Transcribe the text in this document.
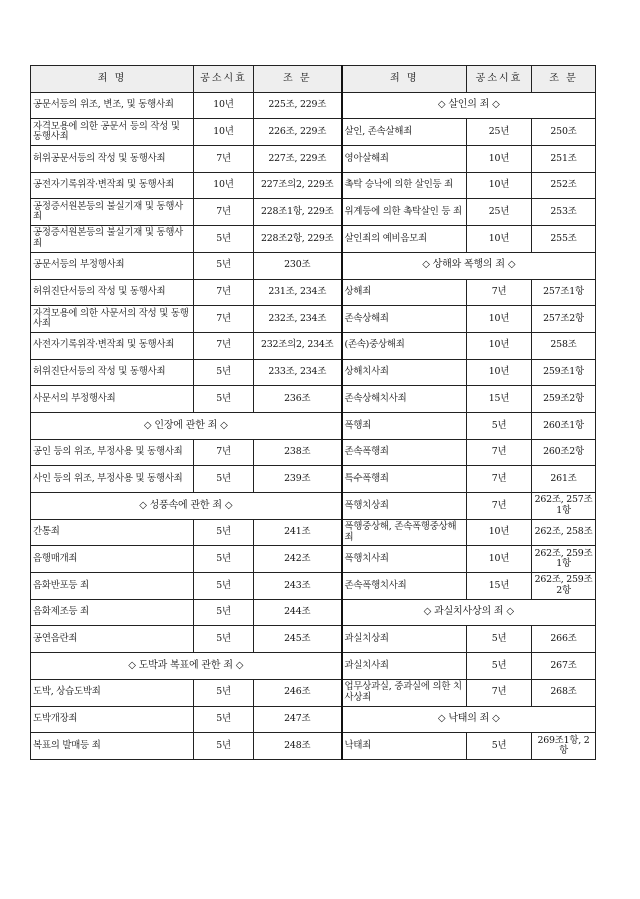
죄 명	공소시효	조 문	죄 명	공소시효	조 문
공문서등의 위조, 변조, 및 동행사죄	10년	225조, 229조	◇ 살인의 죄 ◇		
자격모용에 의한 공문서 등의 작성 및 동행사죄	10년	226조, 229조	살인, 존속살해죄	25년	250조
허위공문서등의 작성 및 동행사죄	7년	227조, 229조	영아살해죄	10년	251조
공전자기록위작·변작죄 및 동행사죄	10년	227조의2, 229조	촉탁 승낙에 의한 살인등 죄	10년	252조
공정증서원본등의 불실기재 및 동행사죄	7년	228조1항, 229조	위계등에 의한 촉탁살인 등 죄	25년	253조
공정증서원본등의 불실기재 및 동행사죄	5년	228조2항, 229조	살인죄의 예비음모죄	10년	255조
공문서등의 부정행사죄	5년	230조	◇ 상해와 폭행의 죄 ◇		
허위진단서등의 작성 및 동행사죄	7년	231조, 234조	상해죄	7년	257조1항
자격모용에 의한 사문서의 작성 및 동행사죄	7년	232조, 234조	존속상해죄	10년	257조2항
사전자기록위작·변작죄 및 동행사죄	7년	232조의2, 234조	(존속)중상해죄	10년	258조
허위진단서등의 작성 및 동행사죄	5년	233조, 234조	상해치사죄	10년	259조1항
사문서의 부정행사죄	5년	236조	존속상해치사죄	15년	259조2항
◇ 인장에 관한 죄 ◇			폭행죄	5년	260조1항
공인 등의 위조, 부정사용 및 동행사죄	7년	238조	존속폭행죄	7년	260조2항
사인 등의 위조, 부정사용 및 동행사죄	5년	239조	특수폭행죄	7년	261조
◇ 성풍속에 관한 죄 ◇			폭행치상죄	7년	262조, 257조1항
간통죄	5년	241조	폭행중상해, 존속폭행중상해죄	10년	262조, 258조
음행매개죄	5년	242조	폭행치사죄	10년	262조, 259조1항
음화반포등 죄	5년	243조	존속폭행치사죄	15년	262조, 259조2항
음화제조등 죄	5년	244조	◇ 과실치사상의 죄 ◇		
공연음란죄	5년	245조	과실치상죄	5년	266조
◇ 도박과 복표에 관한 죄 ◇			과실치사죄	5년	267조
도박, 상습도박죄	5년	246조	업무상과실, 중과실에 의한 치사상죄	7년	268조
도박개장죄	5년	247조	◇ 낙태의 죄 ◇		
복표의 발매등 죄	5년	248조	낙태죄	5년	269조1항, 2항
